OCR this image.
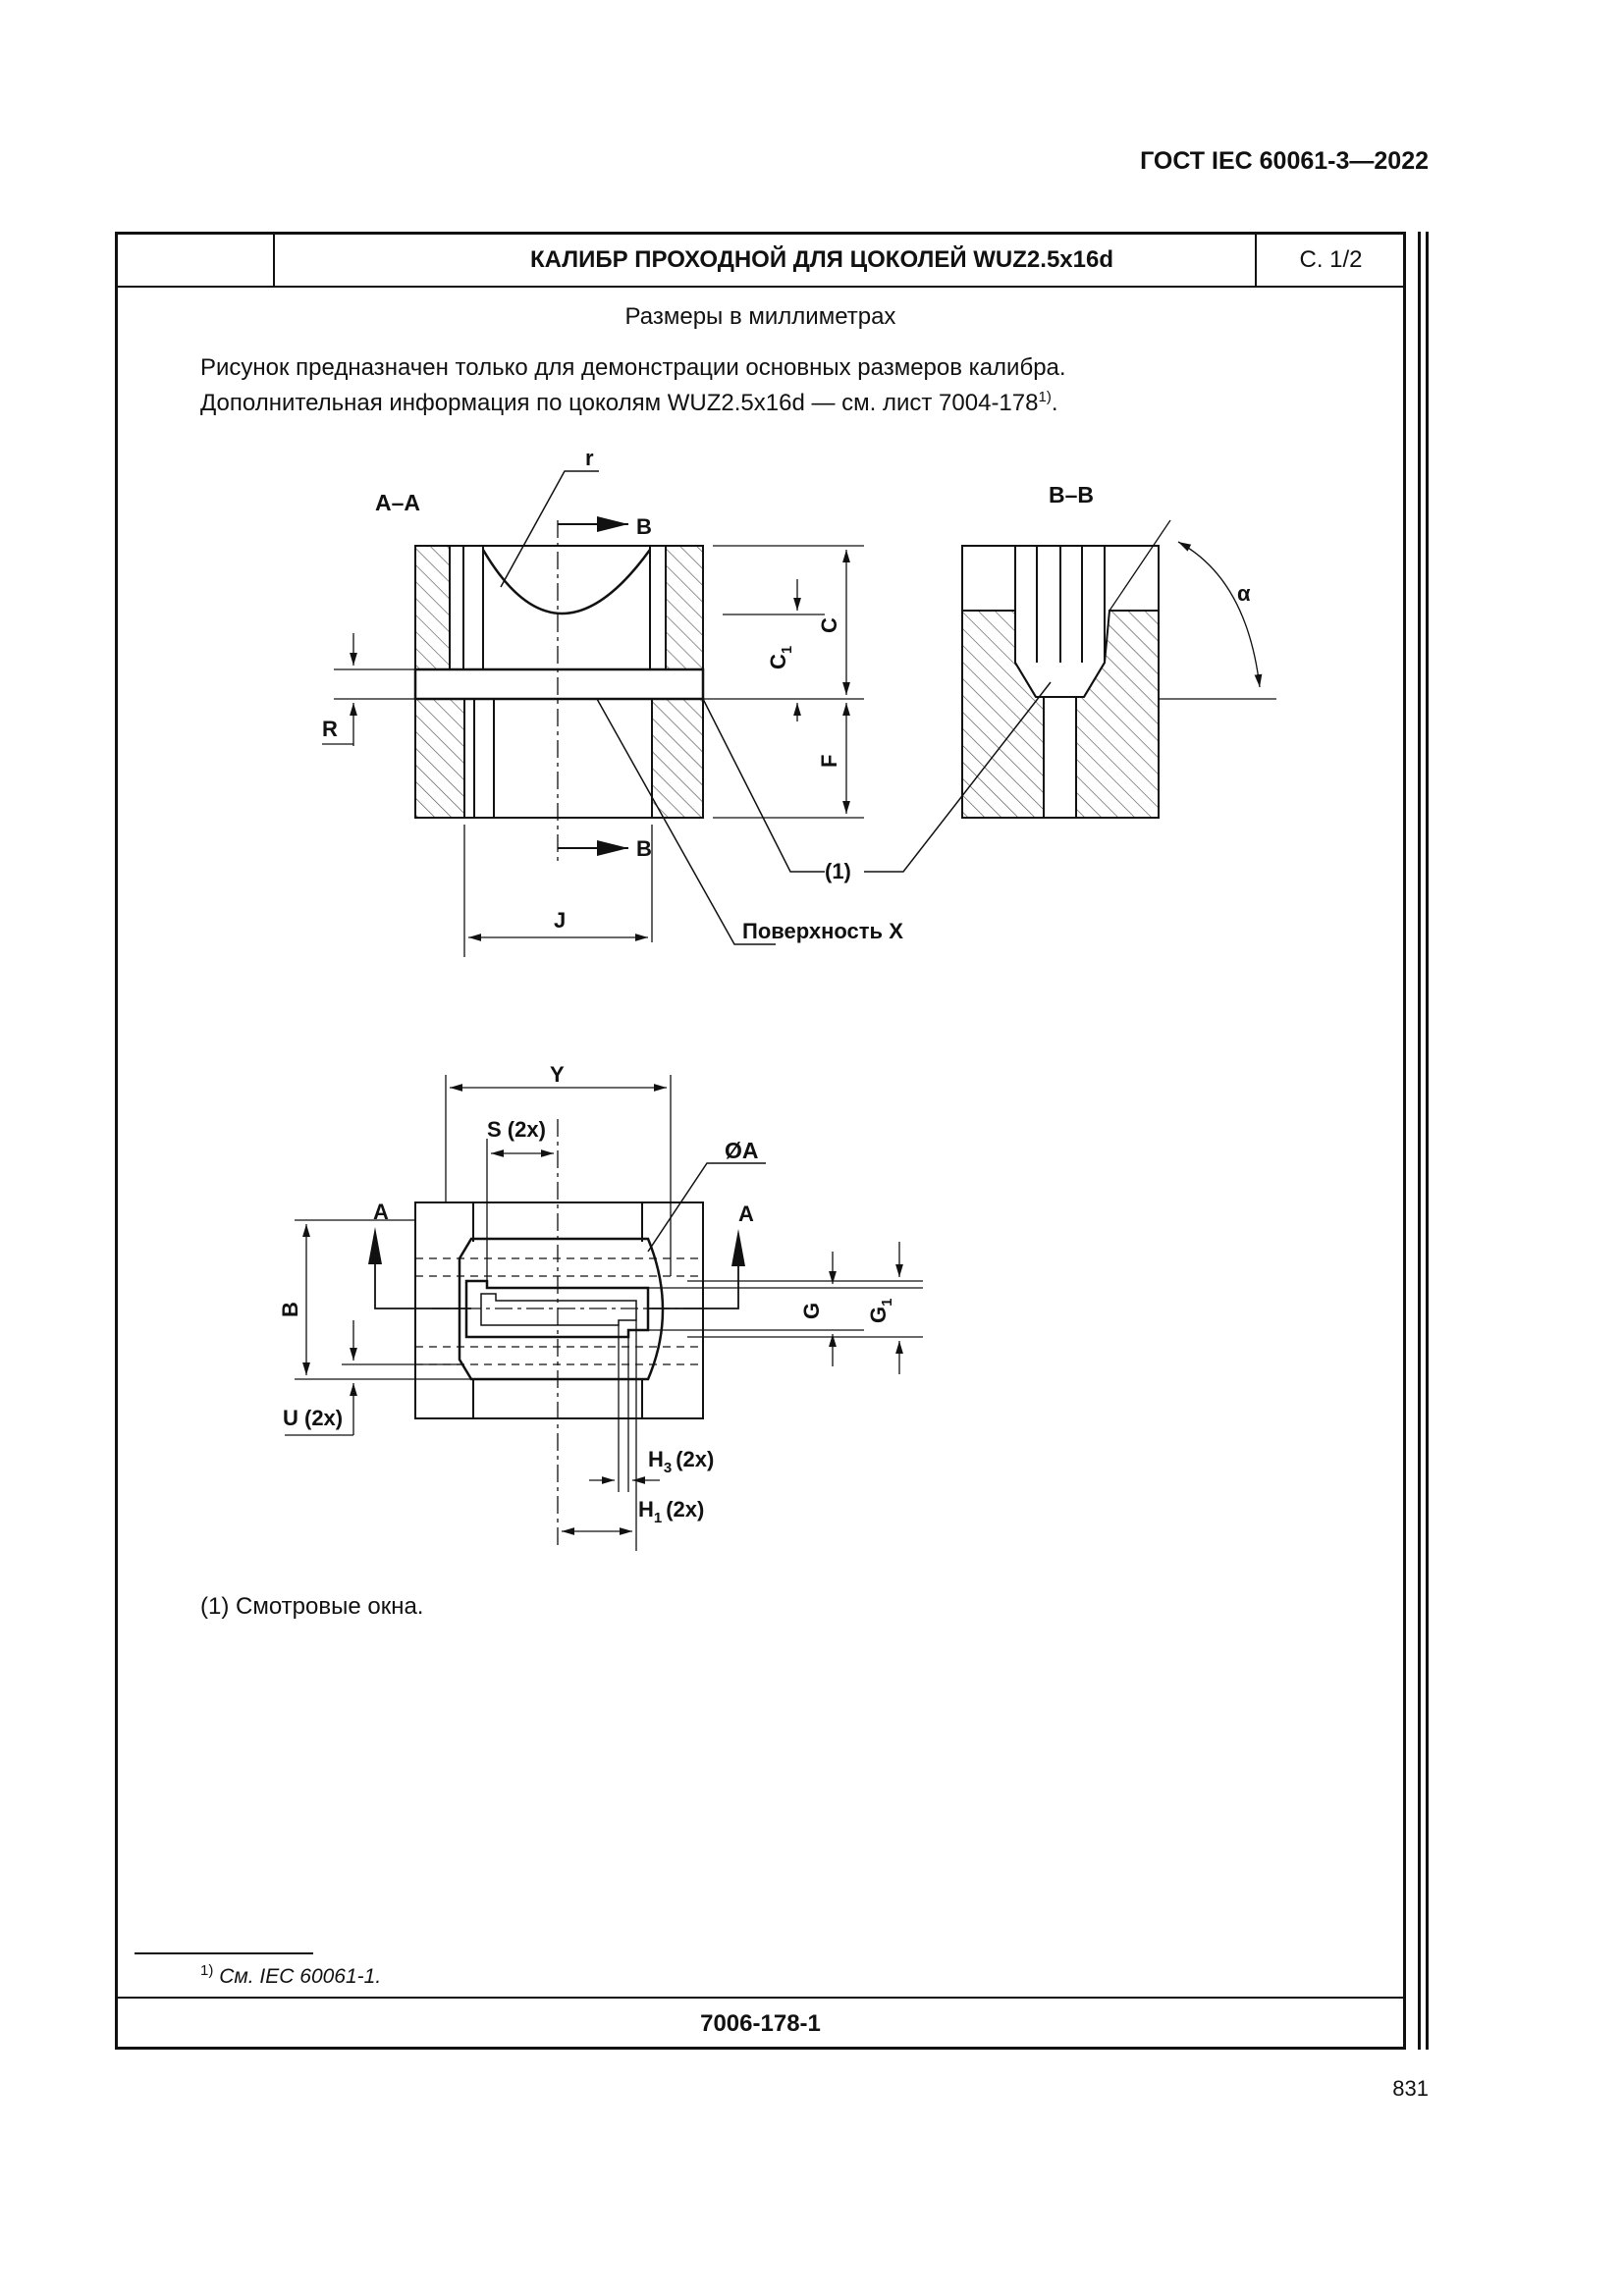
ГОСТ IEC 60061-3—2022
КАЛИБР ПРОХОДНОЙ ДЛЯ ЦОКОЛЕЙ WUZ2.5x16d	С. 1/2
Размеры в миллиметрах
Рисунок предназначен только для демонстрации основных размеров калибра.
Дополнительная информация по цоколям WUZ2.5x16d — см. лист 7004-178$^{1)}$.
(1) Смотровые окна.
$^{1)}$ См. IEC 60061-1.
7006-178-1
831
A–A
r
B
B
C
$C_1$
F
R
J
(1)
Поверхность X
B–B
α
Y
S (2x)
ØA
A	A
B
U (2x)
G $G_1$
$H_3$ (2x)
$H_1$ (2x)
